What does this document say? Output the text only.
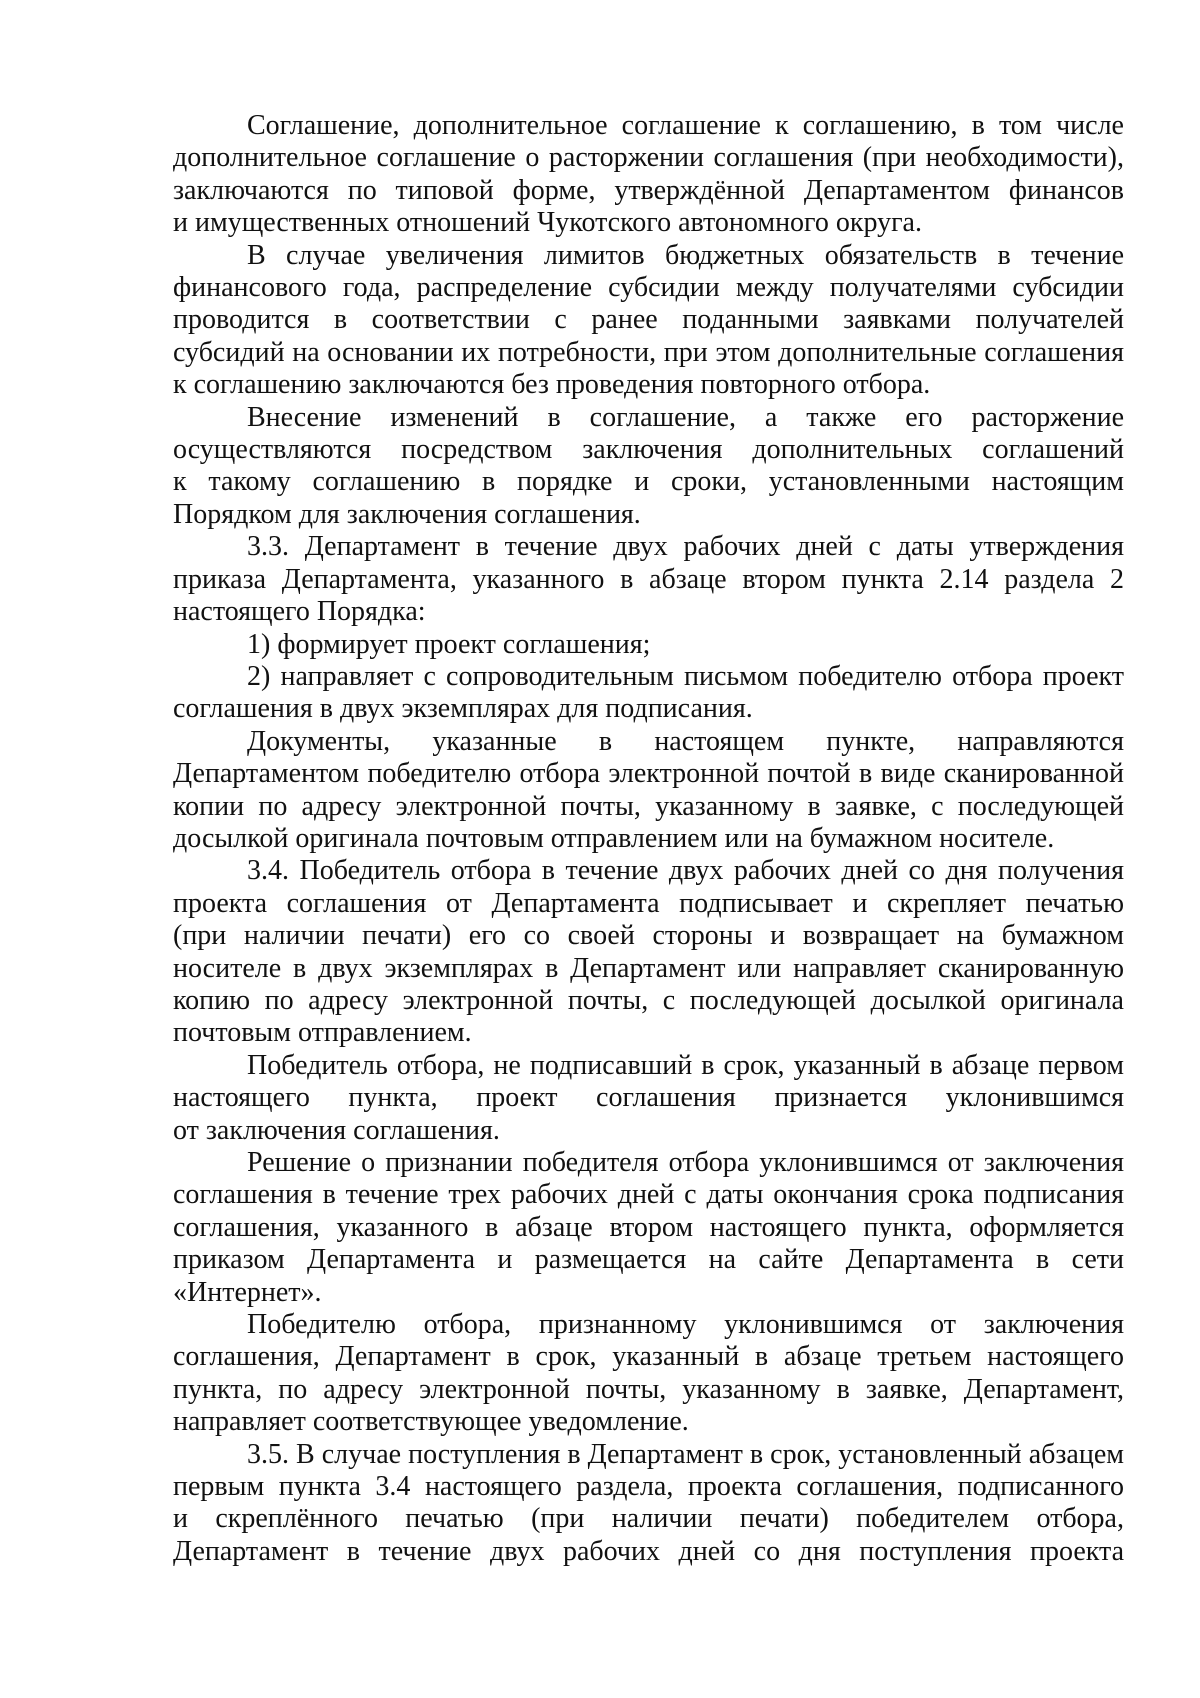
Соглашение, дополнительное соглашение к соглашению, в том числе
дополнительное соглашение о расторжении соглашения (при необходимости),
заключаются по типовой форме, утверждённой Департаментом финансов
и имущественных отношений Чукотского автономного округа.
В случае увеличения лимитов бюджетных обязательств в течение
финансового года, распределение субсидии между получателями субсидии
проводится в соответствии с ранее поданными заявками получателей
субсидий на основании их потребности, при этом дополнительные соглашения
к соглашению заключаются без проведения повторного отбора.
Внесение изменений в соглашение, а также его расторжение
осуществляются посредством заключения дополнительных соглашений
к такому соглашению в порядке и сроки, установленными настоящим
Порядком для заключения соглашения.
3.3. Департамент в течение двух рабочих дней с даты утверждения
приказа Департамента, указанного в абзаце втором пункта 2.14 раздела 2
настоящего Порядка:
1) формирует проект соглашения;
2) направляет с сопроводительным письмом победителю отбора проект
соглашения в двух экземплярах для подписания.
Документы, указанные в настоящем пункте, направляются
Департаментом победителю отбора электронной почтой в виде сканированной
копии по адресу электронной почты, указанному в заявке, с последующей
досылкой оригинала почтовым отправлением или на бумажном носителе.
3.4. Победитель отбора в течение двух рабочих дней со дня получения
проекта соглашения от Департамента подписывает и скрепляет печатью
(при наличии печати) его со своей стороны и возвращает на бумажном
носителе в двух экземплярах в Департамент или направляет сканированную
копию по адресу электронной почты, с последующей досылкой оригинала
почтовым отправлением.
Победитель отбора, не подписавший в срок, указанный в абзаце первом
настоящего пункта, проект соглашения признается уклонившимся
от заключения соглашения.
Решение о признании победителя отбора уклонившимся от заключения
соглашения в течение трех рабочих дней с даты окончания срока подписания
соглашения, указанного в абзаце втором настоящего пункта, оформляется
приказом Департамента и размещается на сайте Департамента в сети
«Интернет».
Победителю отбора, признанному уклонившимся от заключения
соглашения, Департамент в срок, указанный в абзаце третьем настоящего
пункта, по адресу электронной почты, указанному в заявке, Департамент,
направляет соответствующее уведомление.
3.5. В случае поступления в Департамент в срок, установленный абзацем
первым пункта 3.4 настоящего раздела, проекта соглашения, подписанного
и скреплённого печатью (при наличии печати) победителем отбора,
Департамент в течение двух рабочих дней со дня поступления проекта
